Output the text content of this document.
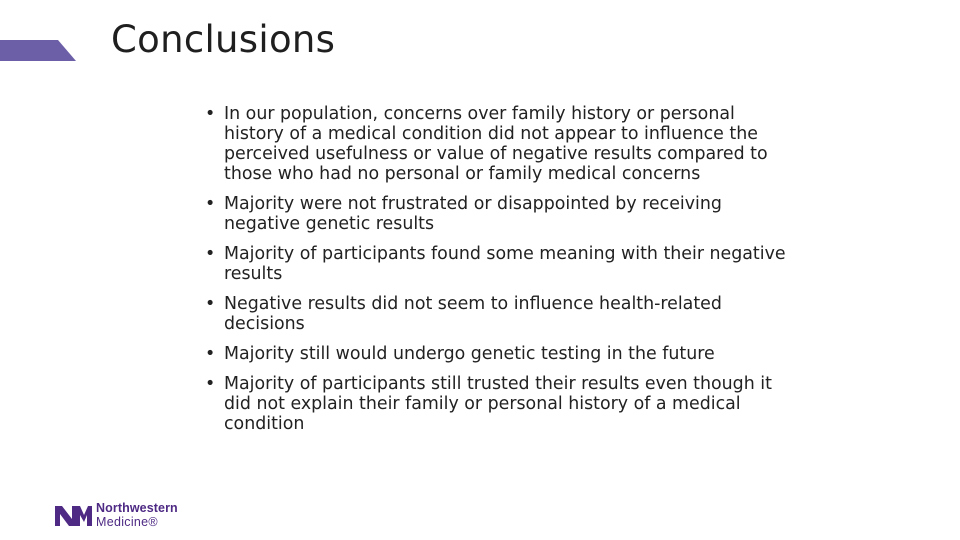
Conclusions
• In our population, concerns over family history or personal history of a medical condition did not appear to influence the perceived usefulness or value of negative results compared to those who had no personal or family medical concerns
• Majority were not frustrated or disappointed by receiving negative genetic results
• Majority of participants found some meaning with their negative results
• Negative results did not seem to influence health-related decisions
• Majority still would undergo genetic testing in the future
• Majority of participants still trusted their results even though it did not explain their family or personal history of a medical condition
Northwestern
Medicine®
